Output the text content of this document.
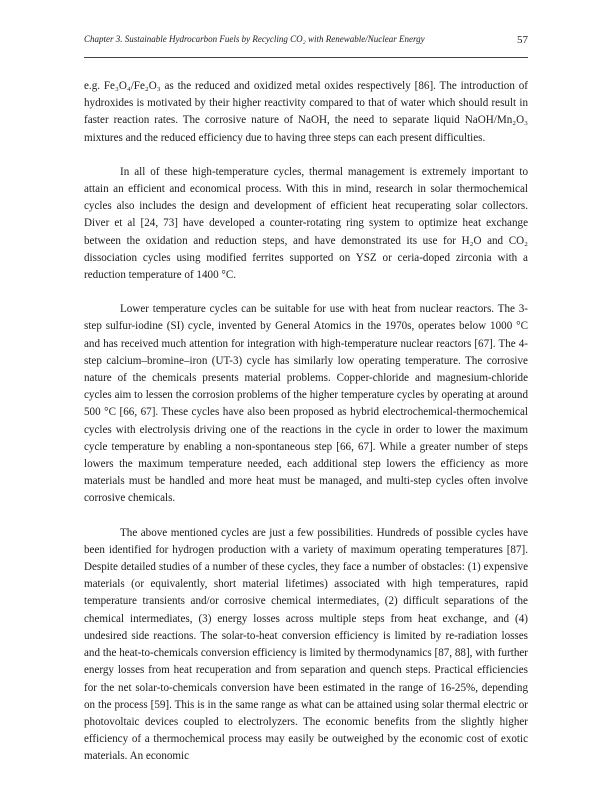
Chapter 3. Sustainable Hydrocarbon Fuels by Recycling CO₂ with Renewable/Nuclear Energy	57

e.g. Fe₃O₄/Fe₂O₃ as the reduced and oxidized metal oxides respectively [86]. The introduction of hydroxides is motivated by their higher reactivity compared to that of water which should result in faster reaction rates. The corrosive nature of NaOH, the need to separate liquid NaOH/Mn₂O₃ mixtures and the reduced efficiency due to having three steps can each present difficulties.

In all of these high-temperature cycles, thermal management is extremely important to attain an efficient and economical process. With this in mind, research in solar thermochemical cycles also includes the design and development of efficient heat recuperating solar collectors. Diver et al [24, 73] have developed a counter-rotating ring system to optimize heat exchange between the oxidation and reduction steps, and have demonstrated its use for H₂O and CO₂ dissociation cycles using modified ferrites supported on YSZ or ceria-doped zirconia with a reduction temperature of 1400 °C.

Lower temperature cycles can be suitable for use with heat from nuclear reactors. The 3-step sulfur-iodine (SI) cycle, invented by General Atomics in the 1970s, operates below 1000 °C and has received much attention for integration with high-temperature nuclear reactors [67]. The 4-step calcium–bromine–iron (UT-3) cycle has similarly low operating temperature. The corrosive nature of the chemicals presents material problems. Copper-chloride and magnesium-chloride cycles aim to lessen the corrosion problems of the higher temperature cycles by operating at around 500 °C [66, 67]. These cycles have also been proposed as hybrid electrochemical-thermochemical cycles with electrolysis driving one of the reactions in the cycle in order to lower the maximum cycle temperature by enabling a non-spontaneous step [66, 67]. While a greater number of steps lowers the maximum temperature needed, each additional step lowers the efficiency as more materials must be handled and more heat must be managed, and multi-step cycles often involve corrosive chemicals.

The above mentioned cycles are just a few possibilities. Hundreds of possible cycles have been identified for hydrogen production with a variety of maximum operating temperatures [87]. Despite detailed studies of a number of these cycles, they face a number of obstacles: (1) expensive materials (or equivalently, short material lifetimes) associated with high temperatures, rapid temperature transients and/or corrosive chemical intermediates, (2) difficult separations of the chemical intermediates, (3) energy losses across multiple steps from heat exchange, and (4) undesired side reactions. The solar-to-heat conversion efficiency is limited by re-radiation losses and the heat-to-chemicals conversion efficiency is limited by thermodynamics [87, 88], with further energy losses from heat recuperation and from separation and quench steps. Practical efficiencies for the net solar-to-chemicals conversion have been estimated in the range of 16-25%, depending on the process [59]. This is in the same range as what can be attained using solar thermal electric or photovoltaic devices coupled to electrolyzers. The economic benefits from the slightly higher efficiency of a thermochemical process may easily be outweighed by the economic cost of exotic materials. An economic
